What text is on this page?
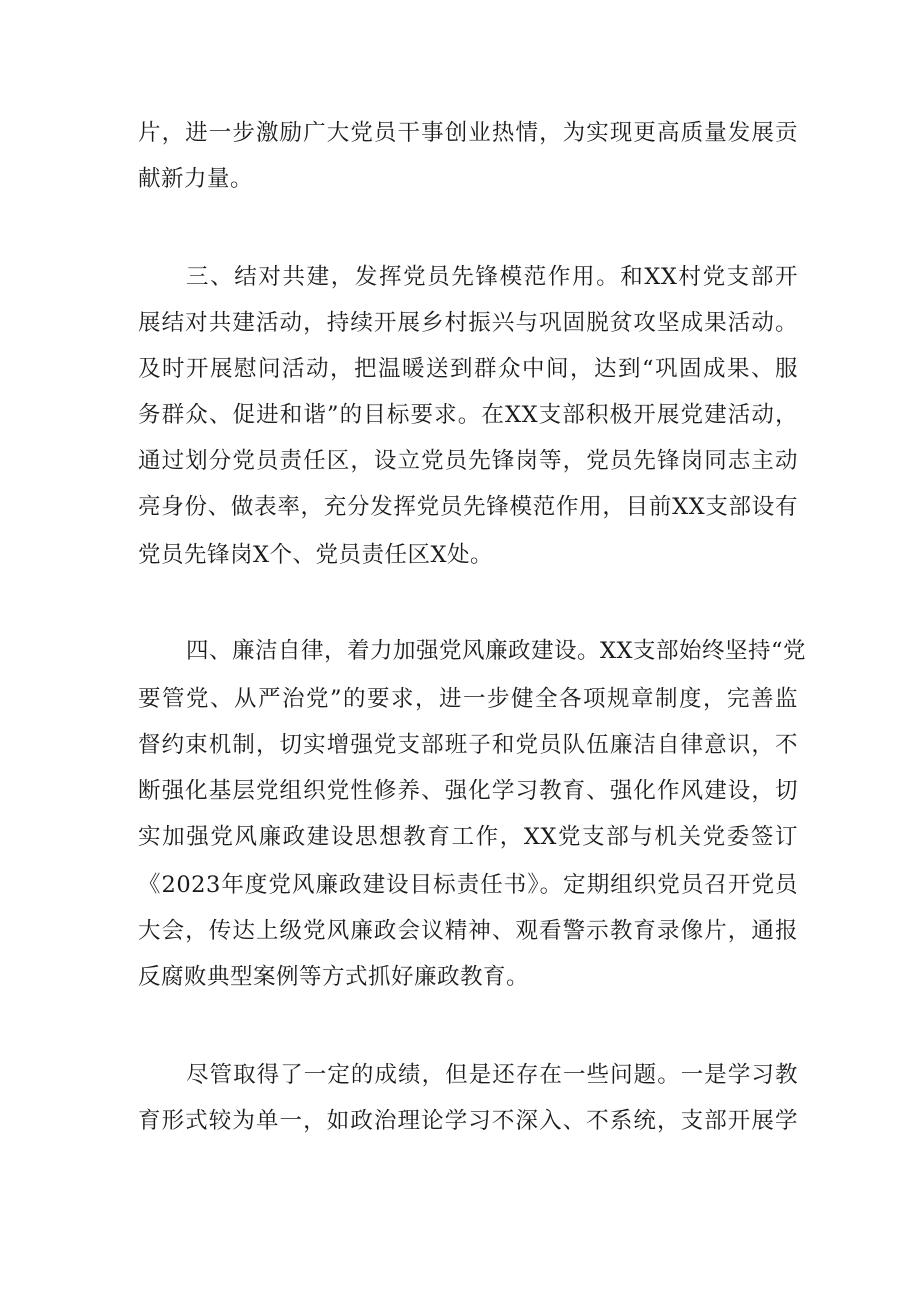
片，进一步激励广大党员干事创业热情，为实现更高质量发展贡
献新力量。
三、结对共建，发挥党员先锋模范作用。和XX村党支部开
展结对共建活动，持续开展乡村振兴与巩固脱贫攻坚成果活动。
及时开展慰问活动，把温暖送到群众中间，达到“巩固成果、服
务群众、促进和谐”的目标要求。在XX支部积极开展党建活动，
通过划分党员责任区，设立党员先锋岗等，党员先锋岗同志主动
亮身份、做表率，充分发挥党员先锋模范作用，目前XX支部设有
党员先锋岗X个、党员责任区X处。
四、廉洁自律，着力加强党风廉政建设。XX支部始终坚持“党
要管党、从严治党”的要求，进一步健全各项规章制度，完善监
督约束机制，切实增强党支部班子和党员队伍廉洁自律意识，不
断强化基层党组织党性修养、强化学习教育、强化作风建设，切
实加强党风廉政建设思想教育工作，XX党支部与机关党委签订
《2023年度党风廉政建设目标责任书》。定期组织党员召开党员
大会，传达上级党风廉政会议精神、观看警示教育录像片，通报
反腐败典型案例等方式抓好廉政教育。
尽管取得了一定的成绩，但是还存在一些问题。一是学习教
育形式较为单一，如政治理论学习不深入、不系统，支部开展学
